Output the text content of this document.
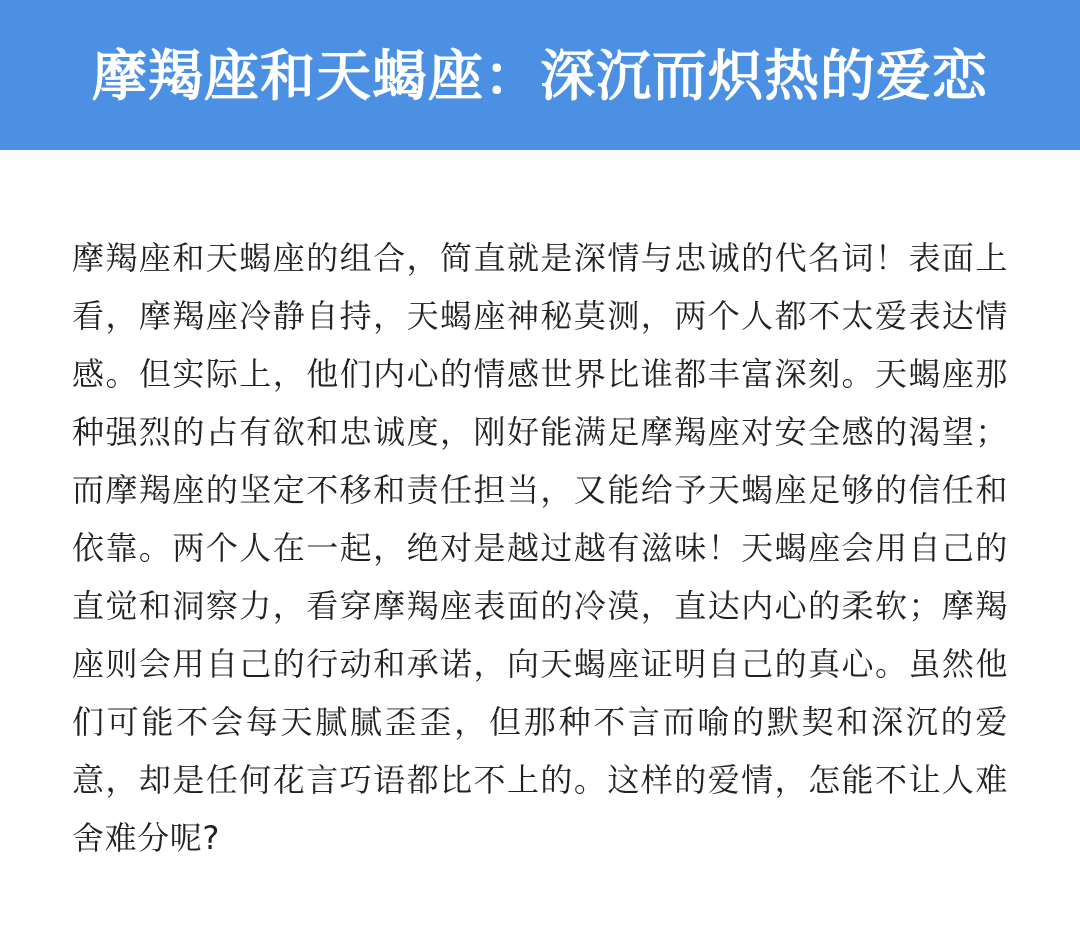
摩羯座和天蝎座：深沉而炽热的爱恋

摩羯座和天蝎座的组合，简直就是深情与忠诚的代名词！表面上看，摩羯座冷静自持，天蝎座神秘莫测，两个人都不太爱表达情感。但实际上，他们内心的情感世界比谁都丰富深刻。天蝎座那种强烈的占有欲和忠诚度，刚好能满足摩羯座对安全感的渴望；而摩羯座的坚定不移和责任担当，又能给予天蝎座足够的信任和依靠。两个人在一起，绝对是越过越有滋味！天蝎座会用自己的直觉和洞察力，看穿摩羯座表面的冷漠，直达内心的柔软；摩羯座则会用自己的行动和承诺，向天蝎座证明自己的真心。虽然他们可能不会每天腻腻歪歪，但那种不言而喻的默契和深沉的爱意，却是任何花言巧语都比不上的。这样的爱情，怎能不让人难舍难分呢?
